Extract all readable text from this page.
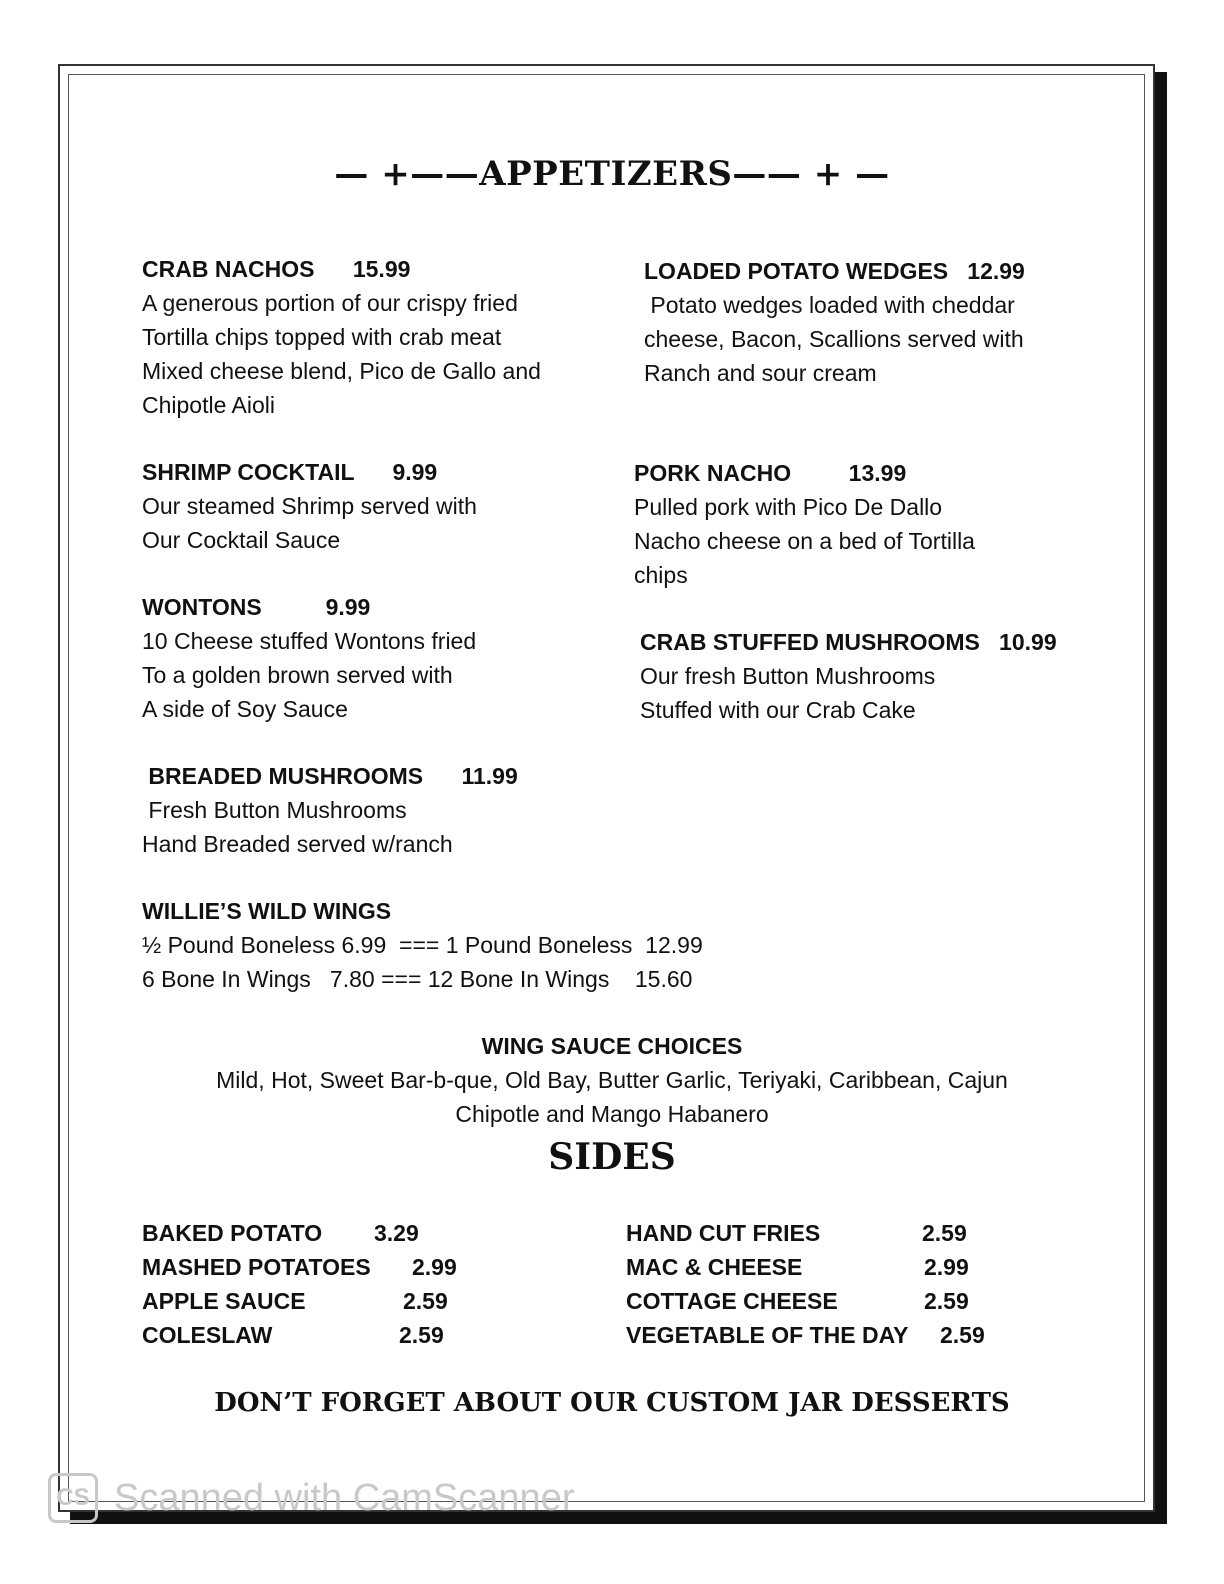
— +——APPETIZERS—— + —
CRAB NACHOS      15.99
A generous portion of our crispy fried
Tortilla chips topped with crab meat
Mixed cheese blend, Pico de Gallo and
Chipotle Aioli
SHRIMP COCKTAIL      9.99
Our steamed Shrimp served with
Our Cocktail Sauce
WONTONS          9.99
10 Cheese stuffed Wontons fried
To a golden brown served with
A side of Soy Sauce
BREADED MUSHROOMS      11.99
Fresh Button Mushrooms
Hand Breaded served w/ranch
WILLIE’S WILD WINGS
½ Pound Boneless 6.99  === 1 Pound Boneless  12.99
6 Bone In Wings   7.80 === 12 Bone In Wings    15.60
LOADED POTATO WEDGES   12.99
Potato wedges loaded with cheddar
cheese, Bacon, Scallions served with
Ranch and sour cream
PORK NACHO         13.99
Pulled pork with Pico De Dallo
Nacho cheese on a bed of Tortilla
chips
CRAB STUFFED MUSHROOMS   10.99
Our fresh Button Mushrooms
Stuffed with our Crab Cake
WING SAUCE CHOICES
Mild, Hot, Sweet Bar-b-que, Old Bay, Butter Garlic, Teriyaki, Caribbean, Cajun
Chipotle and Mango Habanero
SIDES
BAKED POTATO 3.29
MASHED POTATOES 2.99
APPLE SAUCE	2.59
COLESLAW	2.59
HAND CUT FRIES	2.59
MAC & CHEESE	2.99
COTTAGE CHEESE	2.59
VEGETABLE OF THE DAY 2.59
DON’T FORGET ABOUT OUR CUSTOM JAR DESSERTS
CS Scanned with CamScanner
